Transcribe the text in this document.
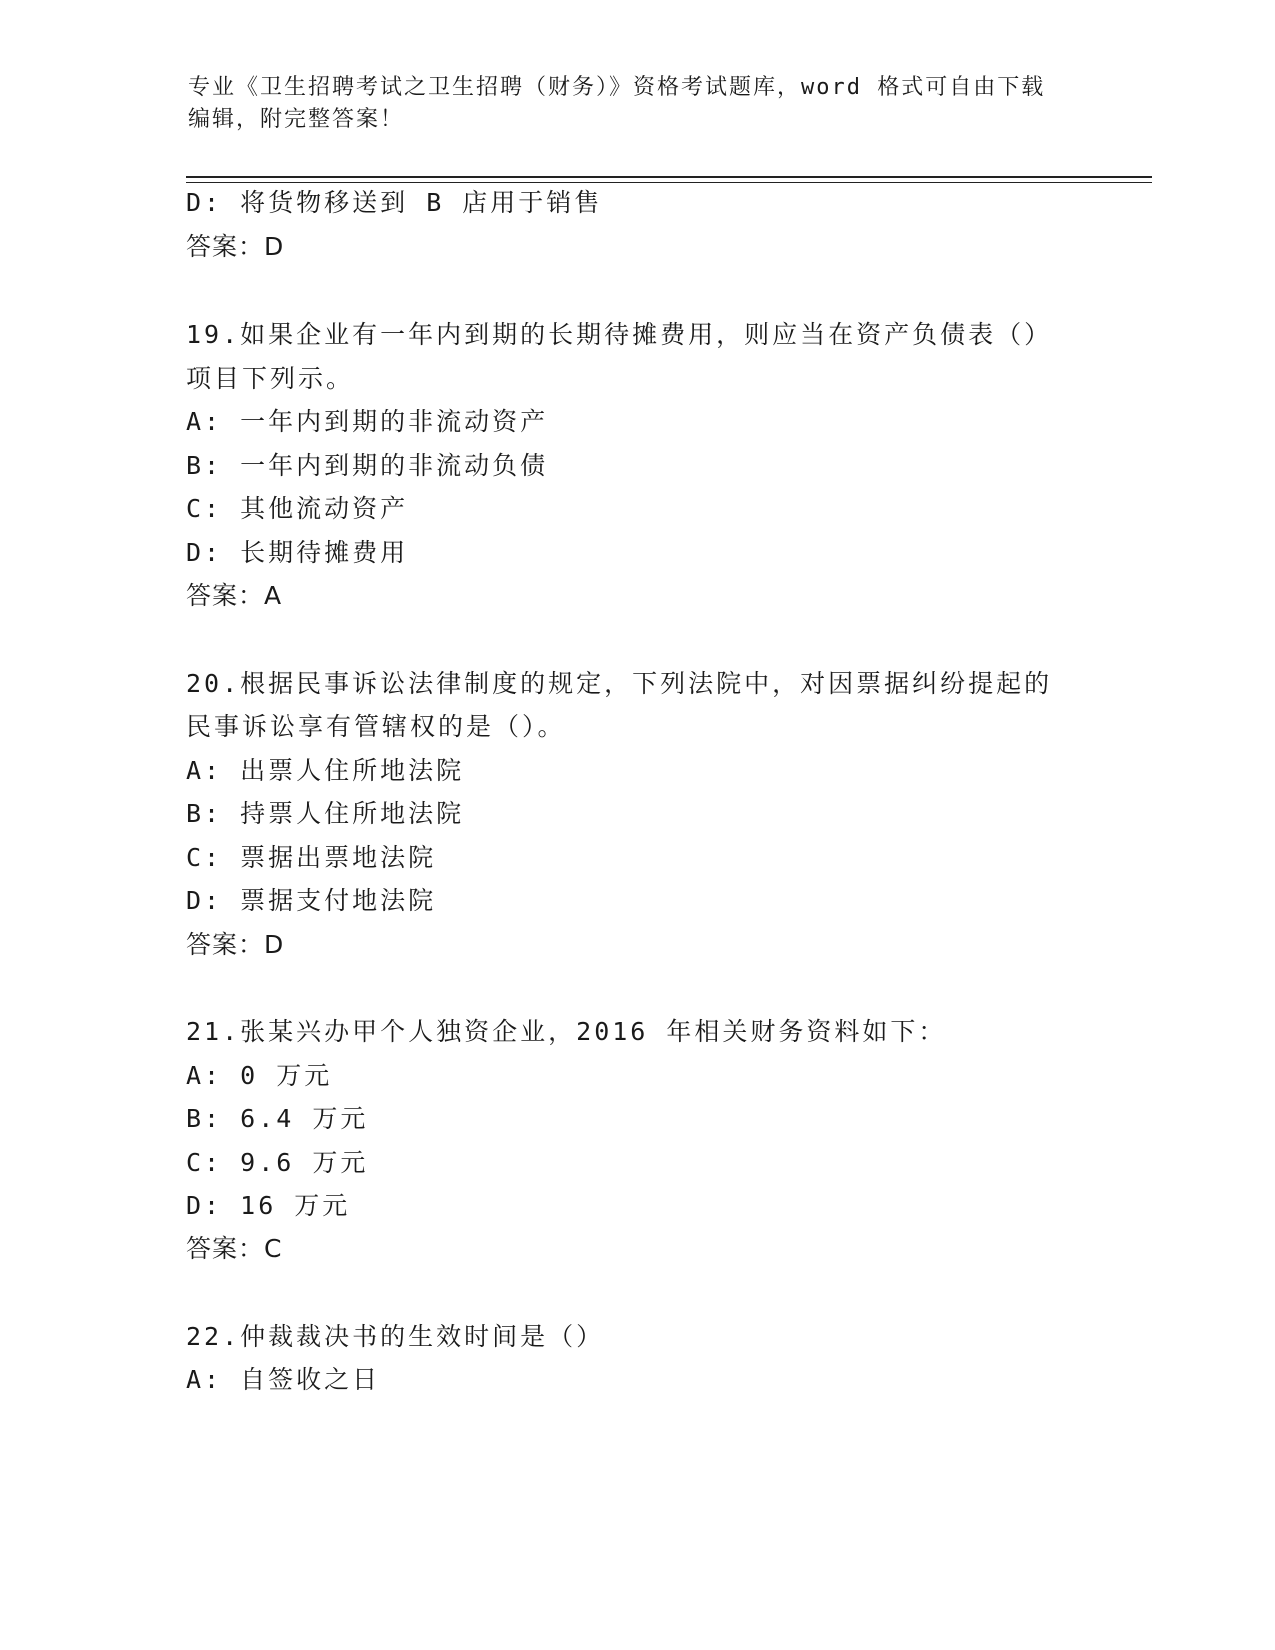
专业《卫生招聘考试之卫生招聘（财务）》资格考试题库，word 格式可自由下载
编辑，附完整答案！
D: 将货物移送到 B 店用于销售
答案：D
19.如果企业有一年内到期的长期待摊费用，则应当在资产负债表（）
项目下列示。
A: 一年内到期的非流动资产
B: 一年内到期的非流动负债
C: 其他流动资产
D: 长期待摊费用
答案：A
20.根据民事诉讼法律制度的规定，下列法院中，对因票据纠纷提起的
民事诉讼享有管辖权的是（）。
A: 出票人住所地法院
B: 持票人住所地法院
C: 票据出票地法院
D: 票据支付地法院
答案：D
21.张某兴办甲个人独资企业，2016 年相关财务资料如下：
A: 0 万元
B: 6.4 万元
C: 9.6 万元
D: 16 万元
答案：C
22.仲裁裁决书的生效时间是（）
A: 自签收之日
